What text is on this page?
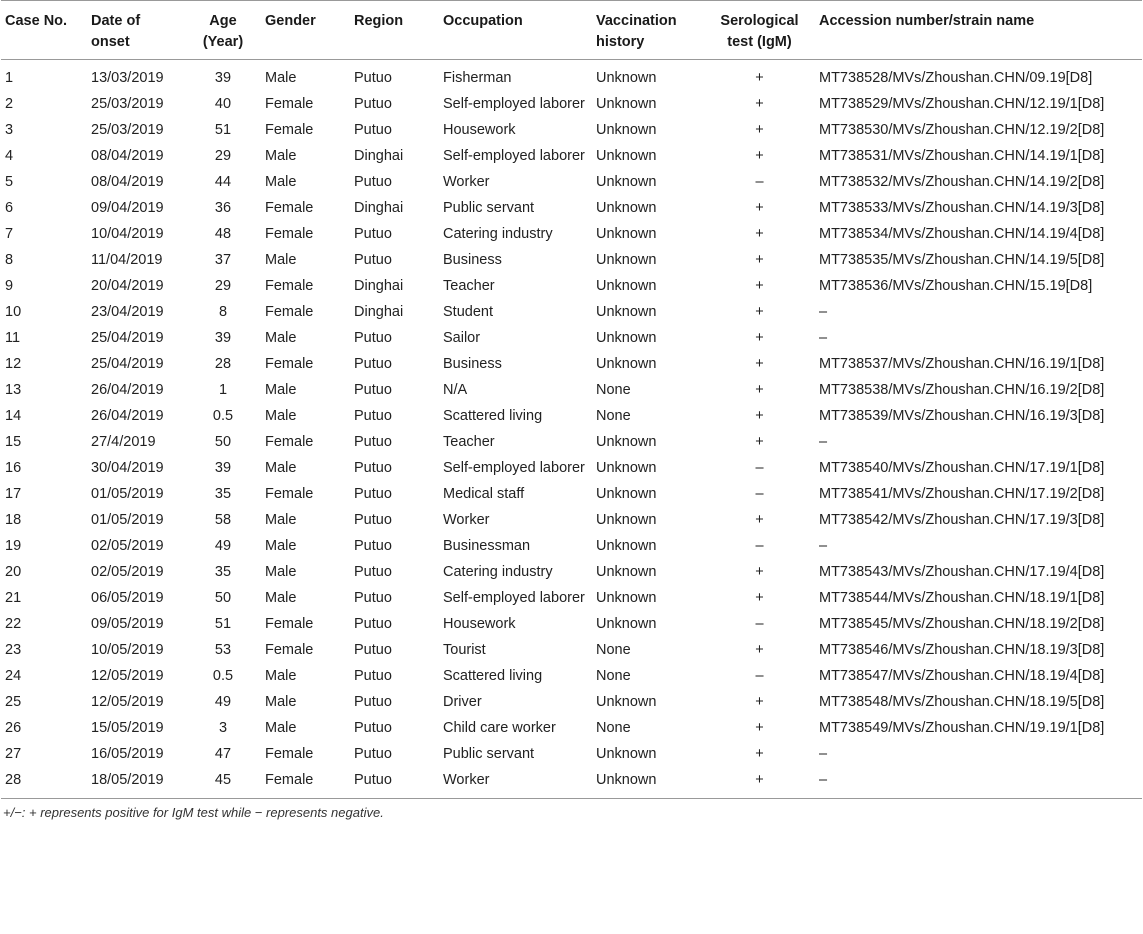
Case No.	Date of onset	Age (Year)	Gender	Region	Occupation	Vaccination history	Serological test (IgM)	Accession number/strain name
1	13/03/2019	39	Male	Putuo	Fisherman	Unknown	+	MT738528/MVs/Zhoushan.CHN/09.19[D8]
2	25/03/2019	40	Female	Putuo	Self-employed laborer	Unknown	+	MT738529/MVs/Zhoushan.CHN/12.19/1[D8]
3	25/03/2019	51	Female	Putuo	Housework	Unknown	+	MT738530/MVs/Zhoushan.CHN/12.19/2[D8]
4	08/04/2019	29	Male	Dinghai	Self-employed laborer	Unknown	+	MT738531/MVs/Zhoushan.CHN/14.19/1[D8]
5	08/04/2019	44	Male	Putuo	Worker	Unknown	–	MT738532/MVs/Zhoushan.CHN/14.19/2[D8]
6	09/04/2019	36	Female	Dinghai	Public servant	Unknown	+	MT738533/MVs/Zhoushan.CHN/14.19/3[D8]
7	10/04/2019	48	Female	Putuo	Catering industry	Unknown	+	MT738534/MVs/Zhoushan.CHN/14.19/4[D8]
8	11/04/2019	37	Male	Putuo	Business	Unknown	+	MT738535/MVs/Zhoushan.CHN/14.19/5[D8]
9	20/04/2019	29	Female	Dinghai	Teacher	Unknown	+	MT738536/MVs/Zhoushan.CHN/15.19[D8]
10	23/04/2019	8	Female	Dinghai	Student	Unknown	+	–
11	25/04/2019	39	Male	Putuo	Sailor	Unknown	+	–
12	25/04/2019	28	Female	Putuo	Business	Unknown	+	MT738537/MVs/Zhoushan.CHN/16.19/1[D8]
13	26/04/2019	1	Male	Putuo	N/A	None	+	MT738538/MVs/Zhoushan.CHN/16.19/2[D8]
14	26/04/2019	0.5	Male	Putuo	Scattered living	None	+	MT738539/MVs/Zhoushan.CHN/16.19/3[D8]
15	27/4/2019	50	Female	Putuo	Teacher	Unknown	+	–
16	30/04/2019	39	Male	Putuo	Self-employed laborer	Unknown	–	MT738540/MVs/Zhoushan.CHN/17.19/1[D8]
17	01/05/2019	35	Female	Putuo	Medical staff	Unknown	–	MT738541/MVs/Zhoushan.CHN/17.19/2[D8]
18	01/05/2019	58	Male	Putuo	Worker	Unknown	+	MT738542/MVs/Zhoushan.CHN/17.19/3[D8]
19	02/05/2019	49	Male	Putuo	Businessman	Unknown	–	–
20	02/05/2019	35	Male	Putuo	Catering industry	Unknown	+	MT738543/MVs/Zhoushan.CHN/17.19/4[D8]
21	06/05/2019	50	Male	Putuo	Self-employed laborer	Unknown	+	MT738544/MVs/Zhoushan.CHN/18.19/1[D8]
22	09/05/2019	51	Female	Putuo	Housework	Unknown	–	MT738545/MVs/Zhoushan.CHN/18.19/2[D8]
23	10/05/2019	53	Female	Putuo	Tourist	None	+	MT738546/MVs/Zhoushan.CHN/18.19/3[D8]
24	12/05/2019	0.5	Male	Putuo	Scattered living	None	–	MT738547/MVs/Zhoushan.CHN/18.19/4[D8]
25	12/05/2019	49	Male	Putuo	Driver	Unknown	+	MT738548/MVs/Zhoushan.CHN/18.19/5[D8]
26	15/05/2019	3	Male	Putuo	Child care worker	None	+	MT738549/MVs/Zhoushan.CHN/19.19/1[D8]
27	16/05/2019	47	Female	Putuo	Public servant	Unknown	+	–
28	18/05/2019	45	Female	Putuo	Worker	Unknown	+	–
+/−: + represents positive for IgM test while − represents negative.
